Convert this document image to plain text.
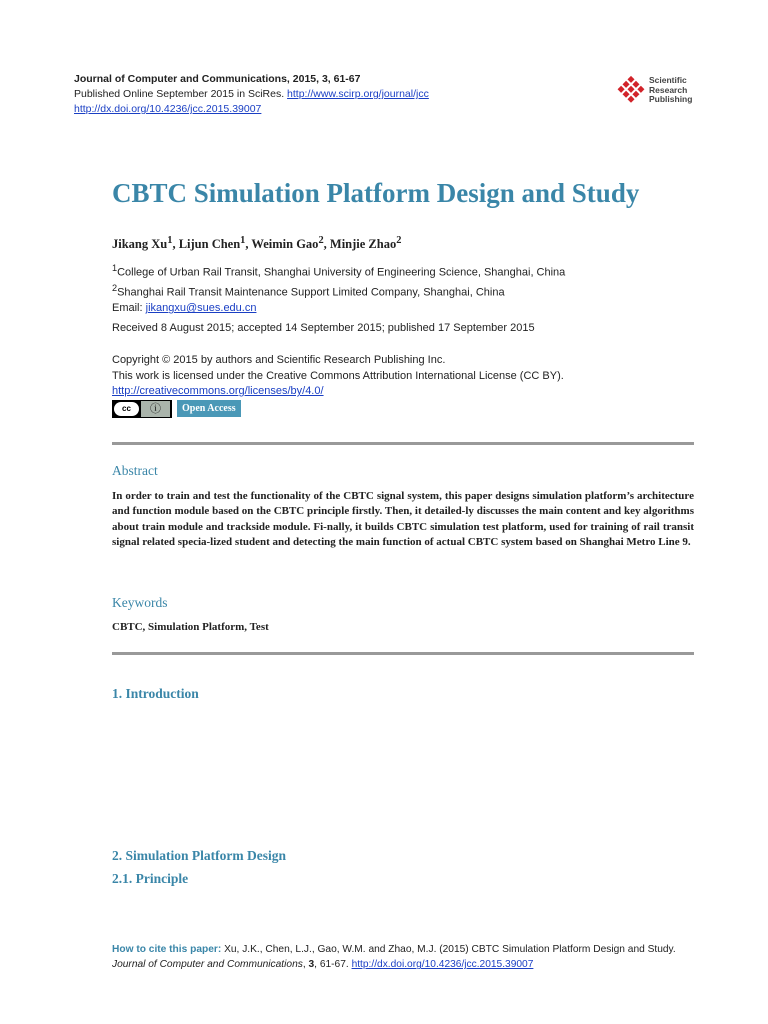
Journal of Computer and Communications, 2015, 3, 61-67
Published Online September 2015 in SciRes. http://www.scirp.org/journal/jcc
http://dx.doi.org/10.4236/jcc.2015.39007
Scientific
Research
Publishing
CBTC Simulation Platform Design and Study
Jikang Xu$^1$, Lijun Chen$^1$, Weimin Gao$^2$, Minjie Zhao$^2$
$^1$College of Urban Rail Transit, Shanghai University of Engineering Science, Shanghai, China
$^2$Shanghai Rail Transit Maintenance Support Limited Company, Shanghai, China
Email: jikangxu@sues.edu.cn
Received 8 August 2015; accepted 14 September 2015; published 17 September 2015
Copyright © 2015 by authors and Scientific Research Publishing Inc.
This work is licensed under the Creative Commons Attribution International License (CC BY).
http://creativecommons.org/licenses/by/4.0/
cc	ⓘ	Open Access
Abstract
In order to train and test the functionality of the CBTC signal system, this paper designs simulation platform’s architecture and function module based on the CBTC principle firstly. Then, it detailed-ly discusses the main content and key algorithms about train module and trackside module. Fi-nally, it builds CBTC simulation test platform, used for training of rail transit signal related specia-lized student and detecting the main function of actual CBTC system based on Shanghai Metro Line 9.
Keywords
CBTC, Simulation Platform, Test
1. Introduction
2. Simulation Platform Design
2.1. Principle
How to cite this paper: Xu, J.K., Chen, L.J., Gao, W.M. and Zhao, M.J. (2015) CBTC Simulation Platform Design and Study.
Journal of Computer and Communications, 3, 61-67. http://dx.doi.org/10.4236/jcc.2015.39007
